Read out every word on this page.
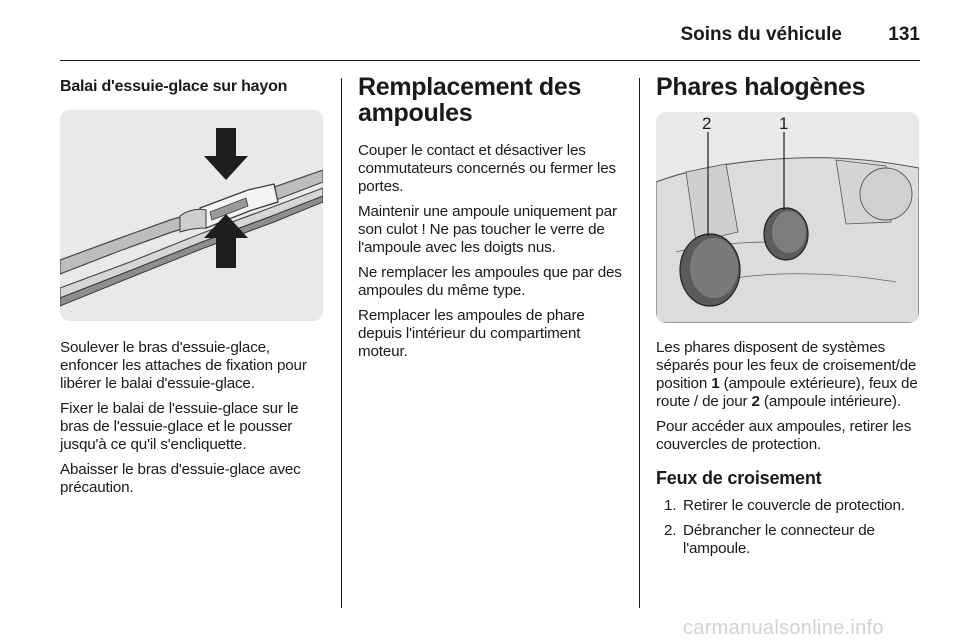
Soins du véhicule 131
Balai d'essuie-glace sur hayon

Soulever le bras d'essuie-glace, enfoncer les attaches de fixation pour libérer le balai d'essuie-glace.

Fixer le balai de l'essuie-glace sur le bras de l'essuie-glace et le pousser jusqu'à ce qu'il s'encliquette.

Abaisser le bras d'essuie-glace avec précaution.

Remplacement des ampoules

Couper le contact et désactiver les commutateurs concernés ou fermer les portes.

Maintenir une ampoule uniquement par son culot ! Ne pas toucher le verre de l'ampoule avec les doigts nus.

Ne remplacer les ampoules que par des ampoules du même type.

Remplacer les ampoules de phare depuis l'intérieur du compartiment moteur.

Phares halogènes
2	1

Les phares disposent de systèmes séparés pour les feux de croisement/de position 1 (ampoule extérieure), feux de route / de jour 2 (ampoule intérieure).

Pour accéder aux ampoules, retirer les couvercles de protection.

Feux de croisement
1. Retirer le couvercle de protection.
2. Débrancher le connecteur de l'ampoule.
carmanualsonline.info
